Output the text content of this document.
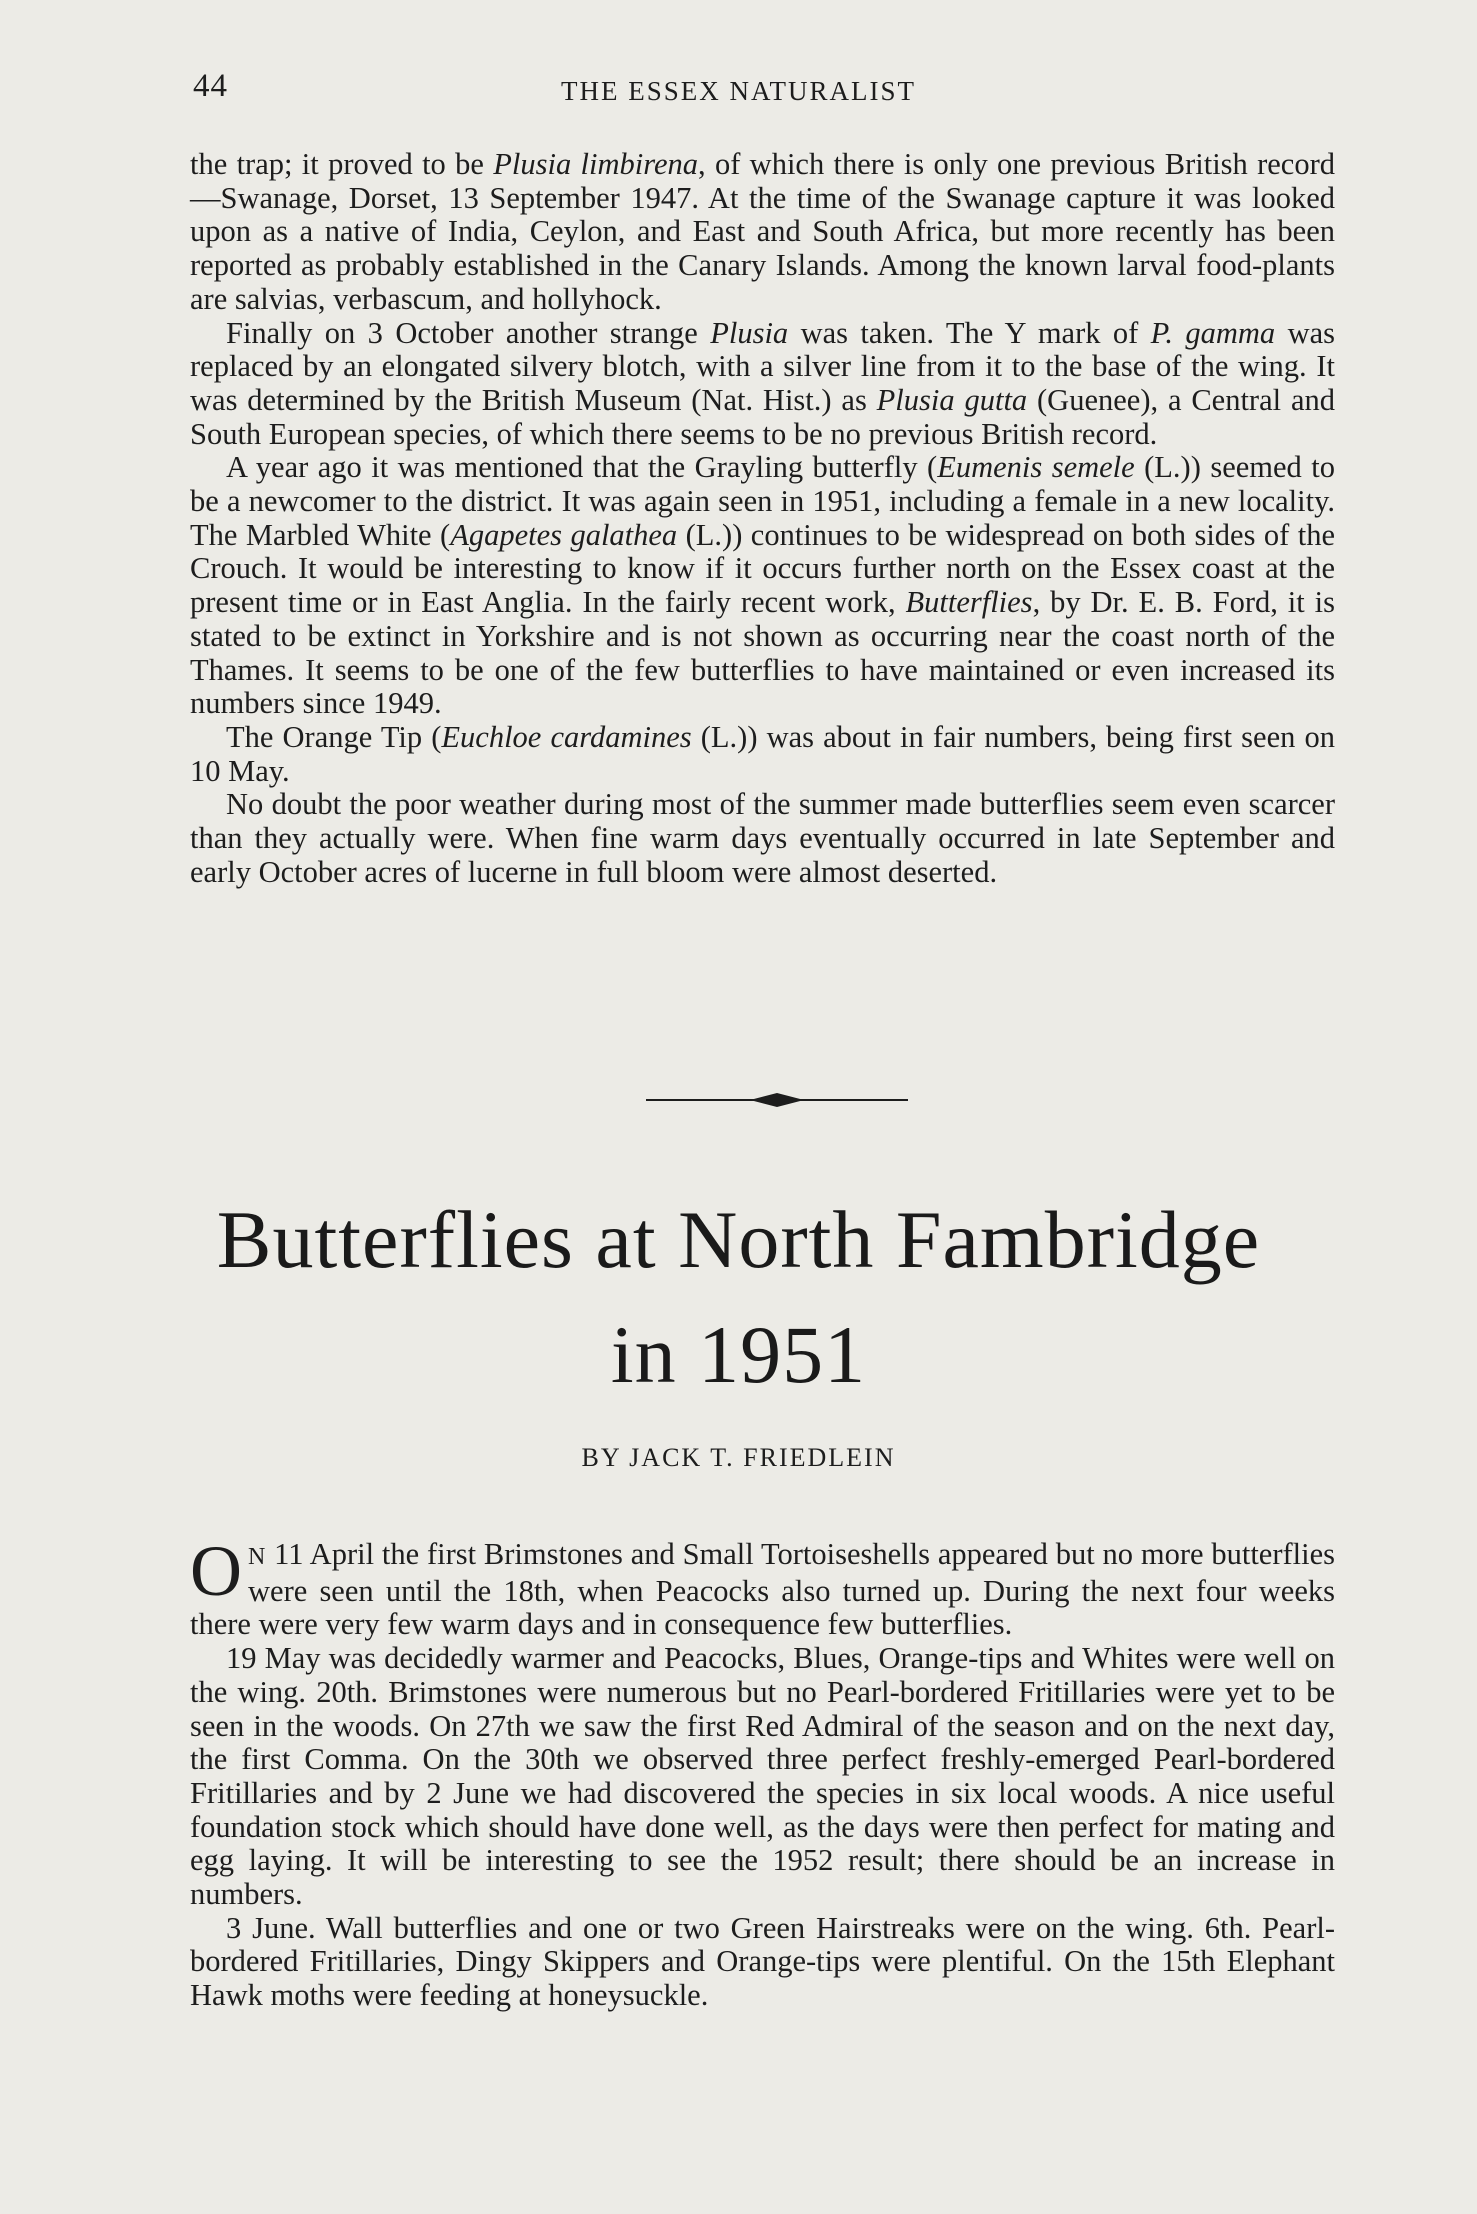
44	THE ESSEX NATURALIST

the trap; it proved to be Plusia limbirena, of which there is only one previous British record—Swanage, Dorset, 13 September 1947. At the time of the Swanage capture it was looked upon as a native of India, Ceylon, and East and South Africa, but more recently has been reported as probably established in the Canary Islands. Among the known larval food-plants are salvias, verbascum, and hollyhock.

Finally on 3 October another strange Plusia was taken. The Y mark of P. gamma was replaced by an elongated silvery blotch, with a silver line from it to the base of the wing. It was determined by the British Museum (Nat. Hist.) as Plusia gutta (Guenee), a Central and South European species, of which there seems to be no previous British record.

A year ago it was mentioned that the Grayling butterfly (Eumenis semele (L.)) seemed to be a newcomer to the district. It was again seen in 1951, including a female in a new locality. The Marbled White (Agapetes galathea (L.)) continues to be widespread on both sides of the Crouch. It would be interesting to know if it occurs further north on the Essex coast at the present time or in East Anglia. In the fairly recent work, Butterflies, by Dr. E. B. Ford, it is stated to be extinct in Yorkshire and is not shown as occurring near the coast north of the Thames. It seems to be one of the few butterflies to have maintained or even increased its numbers since 1949.

The Orange Tip (Euchloe cardamines (L.)) was about in fair numbers, being first seen on 10 May.

No doubt the poor weather during most of the summer made butterflies seem even scarcer than they actually were. When fine warm days eventually occurred in late September and early October acres of lucerne in full bloom were almost deserted.

Butterflies at North Fambridge
in 1951
BY JACK T. FRIEDLEIN

O N 11 April the first Brimstones and Small Tortoiseshells appeared but no more butterflies were seen until the 18th, when Peacocks also turned up. During the next four weeks there were very few warm days and in consequence few butterflies.

19 May was decidedly warmer and Peacocks, Blues, Orange-tips and Whites were well on the wing. 20th. Brimstones were numerous but no Pearl-bordered Fritillaries were yet to be seen in the woods. On 27th we saw the first Red Admiral of the season and on the next day, the first Comma. On the 30th we observed three perfect freshly-emerged Pearl-bordered Fritillaries and by 2 June we had discovered the species in six local woods. A nice useful foundation stock which should have done well, as the days were then perfect for mating and egg laying. It will be interesting to see the 1952 result; there should be an increase in numbers.

3 June. Wall butterflies and one or two Green Hairstreaks were on the wing. 6th. Pearl-bordered Fritillaries, Dingy Skippers and Orange-tips were plentiful. On the 15th Elephant Hawk moths were feeding at honeysuckle.
